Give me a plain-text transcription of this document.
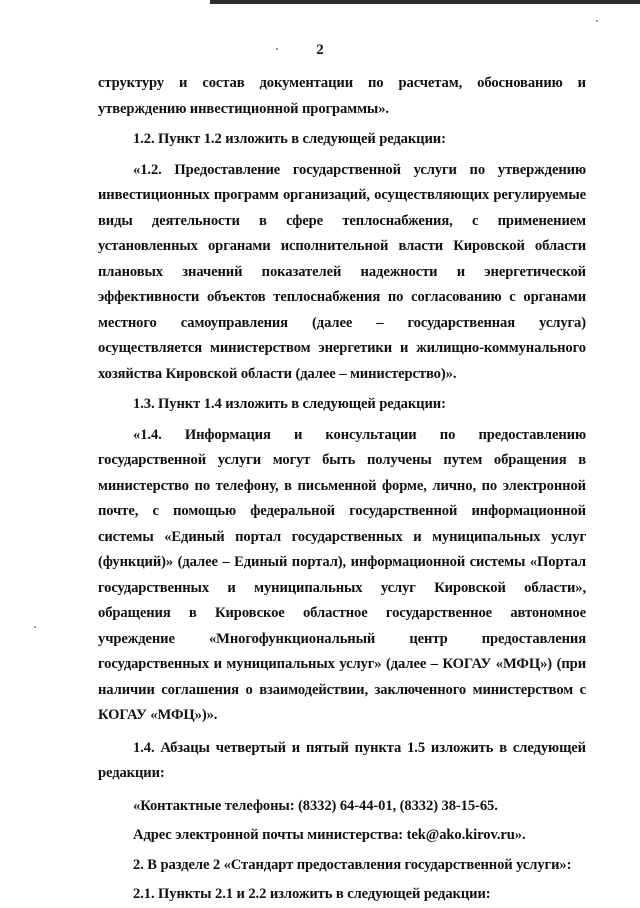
2

структуру и состав документации по расчетам, обоснованию и утверждению инвестиционной программы».

1.2. Пункт 1.2 изложить в следующей редакции:

«1.2. Предоставление государственной услуги по утверждению инвестиционных программ организаций, осуществляющих регулируемые виды деятельности в сфере теплоснабжения, с применением установленных органами исполнительной власти Кировской области плановых значений показателей надежности и энергетической эффективности объектов теплоснабжения по согласованию с органами местного самоуправления (далее – государственная услуга) осуществляется министерством энергетики и жилищно-коммунального хозяйства Кировской области (далее – министерство)».

1.3. Пункт 1.4 изложить в следующей редакции:

«1.4. Информация и консультации по предоставлению государственной услуги могут быть получены путем обращения в министерство по телефону, в письменной форме, лично, по электронной почте, с помощью федеральной государственной информационной системы «Единый портал государственных и муниципальных услуг (функций)» (далее – Единый портал), информационной системы «Портал государственных и муниципальных услуг Кировской области», обращения в Кировское областное государственное автономное учреждение «Многофункциональный центр предоставления государственных и муниципальных услуг» (далее – КОГАУ «МФЦ») (при наличии соглашения о взаимодействии, заключенного министерством с КОГАУ «МФЦ»)».

1.4. Абзацы четвертый и пятый пункта 1.5 изложить в следующей редакции:

«Контактные телефоны: (8332) 64-44-01, (8332) 38-15-65.

Адрес электронной почты министерства: tek@ako.kirov.ru».

2. В разделе 2 «Стандарт предоставления государственной услуги»:

2.1. Пункты 2.1 и 2.2 изложить в следующей редакции:
